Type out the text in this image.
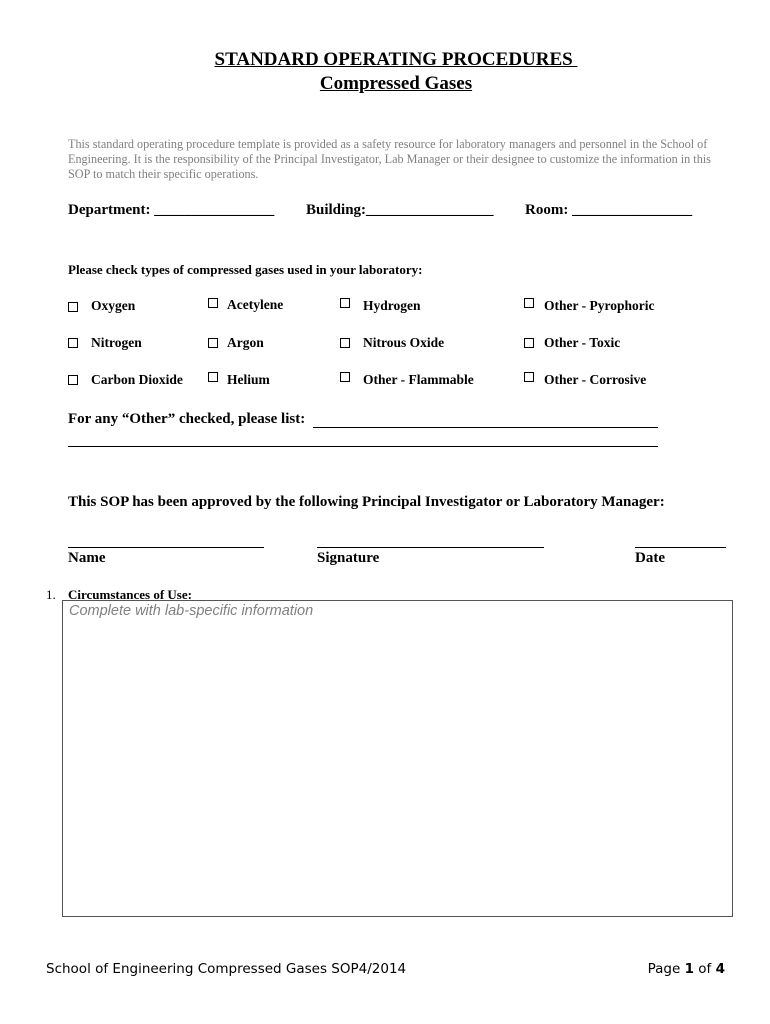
STANDARD OPERATING PROCEDURES
Compressed Gases
This standard operating procedure template is provided as a safety resource for laboratory managers and personnel in the School of Engineering. It is the responsibility of the Principal Investigator, Lab Manager or their designee to customize the information in this SOP to match their specific operations.
Department: ________________ Building:_________________ Room: ________________
Please check types of compressed gases used in your laboratory:
Oxygen	Acetylene	Hydrogen	Other - Pyrophoric
Nitrogen	Argon	Nitrous Oxide	Other - Toxic
Carbon Dioxide	Helium	Other - Flammable	Other - Corrosive
For any “Other” checked, please list:
This SOP has been approved by the following Principal Investigator or Laboratory Manager:
Name	Signature	Date
1. Circumstances of Use:
Complete with lab-specific information
School of Engineering Compressed Gases SOP4/2014	Page 1 of 4
